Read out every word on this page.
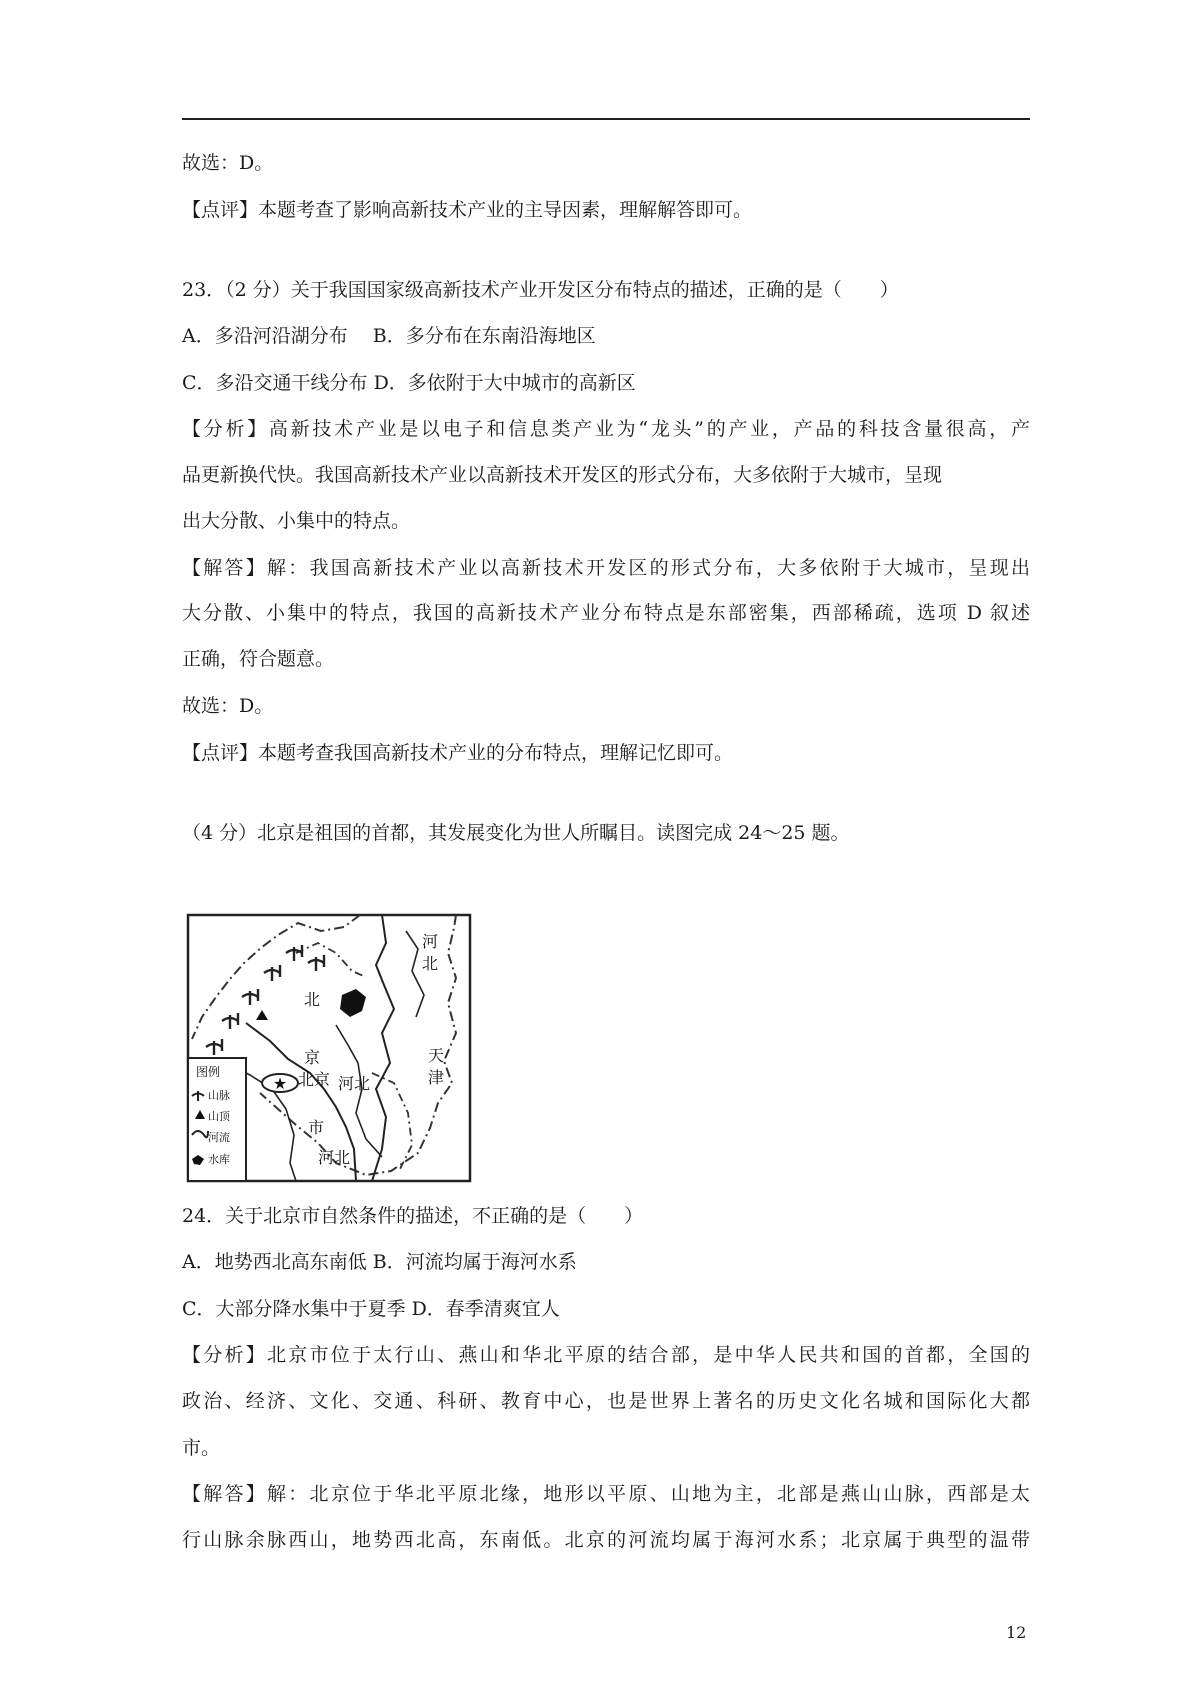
故选：D。
【点评】本题考查了影响高新技术产业的主导因素，理解解答即可。
23．（2 分）关于我国国家级高新技术产业开发区分布特点的描述，正确的是（　　）
A．多沿河沿湖分布　 B．多分布在东南沿海地区
C．多沿交通干线分布 D．多依附于大中城市的高新区
【分析】高新技术产业是以电子和信息类产业为“龙头”的产业，产品的科技含量很高，产
品更新换代快。我国高新技术产业以高新技术开发区的形式分布，大多依附于大城市，呈现
出大分散、小集中的特点。
【解答】解：我国高新技术产业以高新技术开发区的形式分布，大多依附于大城市，呈现出
大分散、小集中的特点，我国的高新技术产业分布特点是东部密集，西部稀疏，选项 D 叙述
正确，符合题意。
故选：D。
【点评】本题考查我国高新技术产业的分布特点，理解记忆即可。
（4 分）北京是祖国的首都，其发展变化为世人所瞩目。读图完成 24～25 题。
★
河
北
北
京
北京
天
津
河北
市
河北
图例
山脉
山顶
河流
水库
24．关于北京市自然条件的描述，不正确的是（　　）
A．地势西北高东南低 B．河流均属于海河水系
C．大部分降水集中于夏季 D．春季清爽宜人
【分析】北京市位于太行山、燕山和华北平原的结合部，是中华人民共和国的首都，全国的
政治、经济、文化、交通、科研、教育中心，也是世界上著名的历史文化名城和国际化大都
市。
【解答】解：北京位于华北平原北缘，地形以平原、山地为主，北部是燕山山脉，西部是太
行山脉余脉西山，地势西北高，东南低。北京的河流均属于海河水系；北京属于典型的温带
12
